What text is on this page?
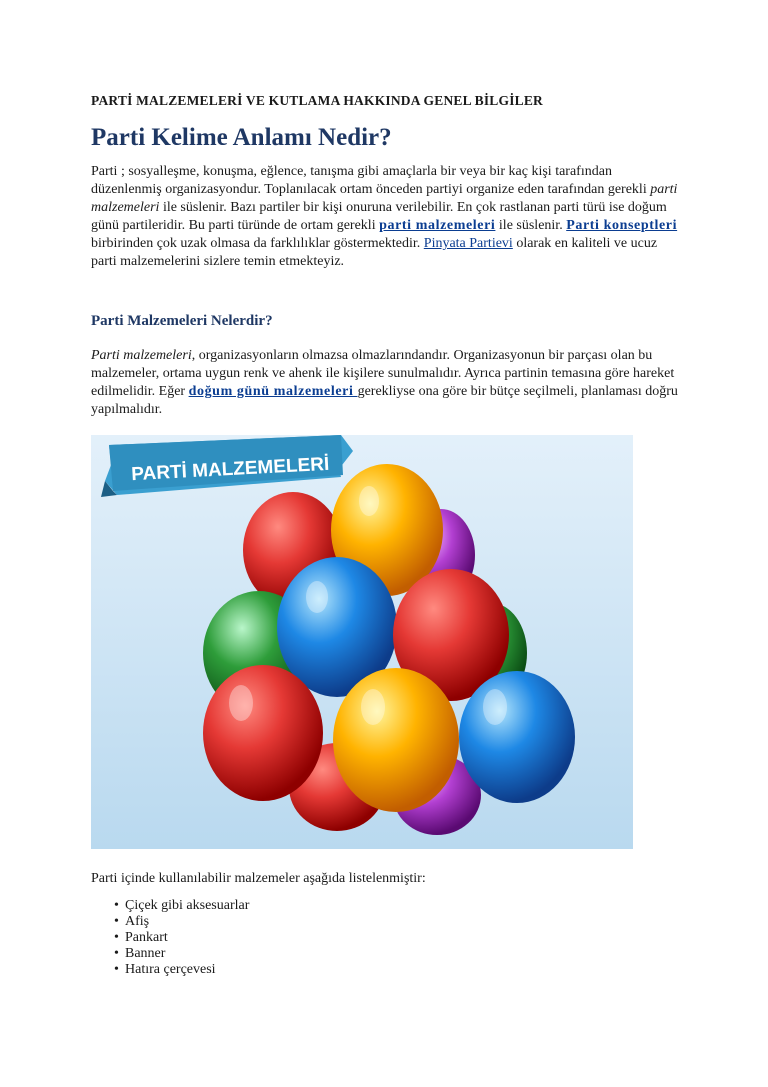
PARTİ MALZEMELERİ VE KUTLAMA HAKKINDA GENEL BİLGİLER
Parti Kelime Anlamı Nedir?

Parti ; sosyalleşme, konuşma, eğlence, tanışma gibi amaçlarla bir veya bir kaç kişi tarafından düzenlenmiş organizasyondur. Toplanılacak ortam önceden partiyi organize eden tarafından gerekli parti malzemeleri ile süslenir. Bazı partiler bir kişi onuruna verilebilir. En çok rastlanan parti türü ise doğum günü partileridir. Bu parti türünde de ortam gerekli parti malzemeleri ile süslenir. Parti konseptleri birbirinden çok uzak olmasa da farklılıklar göstermektedir. Pinyata Partievi olarak en kaliteli ve ucuz parti malzemelerini sizlere temin etmekteyiz.

Parti Malzemeleri Nelerdir?

Parti malzemeleri, organizasyonların olmazsa olmazlarındandır. Organizasyonun bir parçası olan bu malzemeler, ortama uygun renk ve ahenk ile kişilere sunulmalıdır. Ayrıca partinin temasına göre hareket edilmelidir. Eğer doğum günü malzemeleri gerekliyse ona göre bir bütçe seçilmeli, planlaması doğru yapılmalıdır.

PARTİ MALZEMELERİ

Parti içinde kullanılabilir malzemeler aşağıda listelenmiştir:

• Çiçek gibi aksesuarlar
• Afiş
• Pankart
• Banner
• Hatıra çerçevesi
